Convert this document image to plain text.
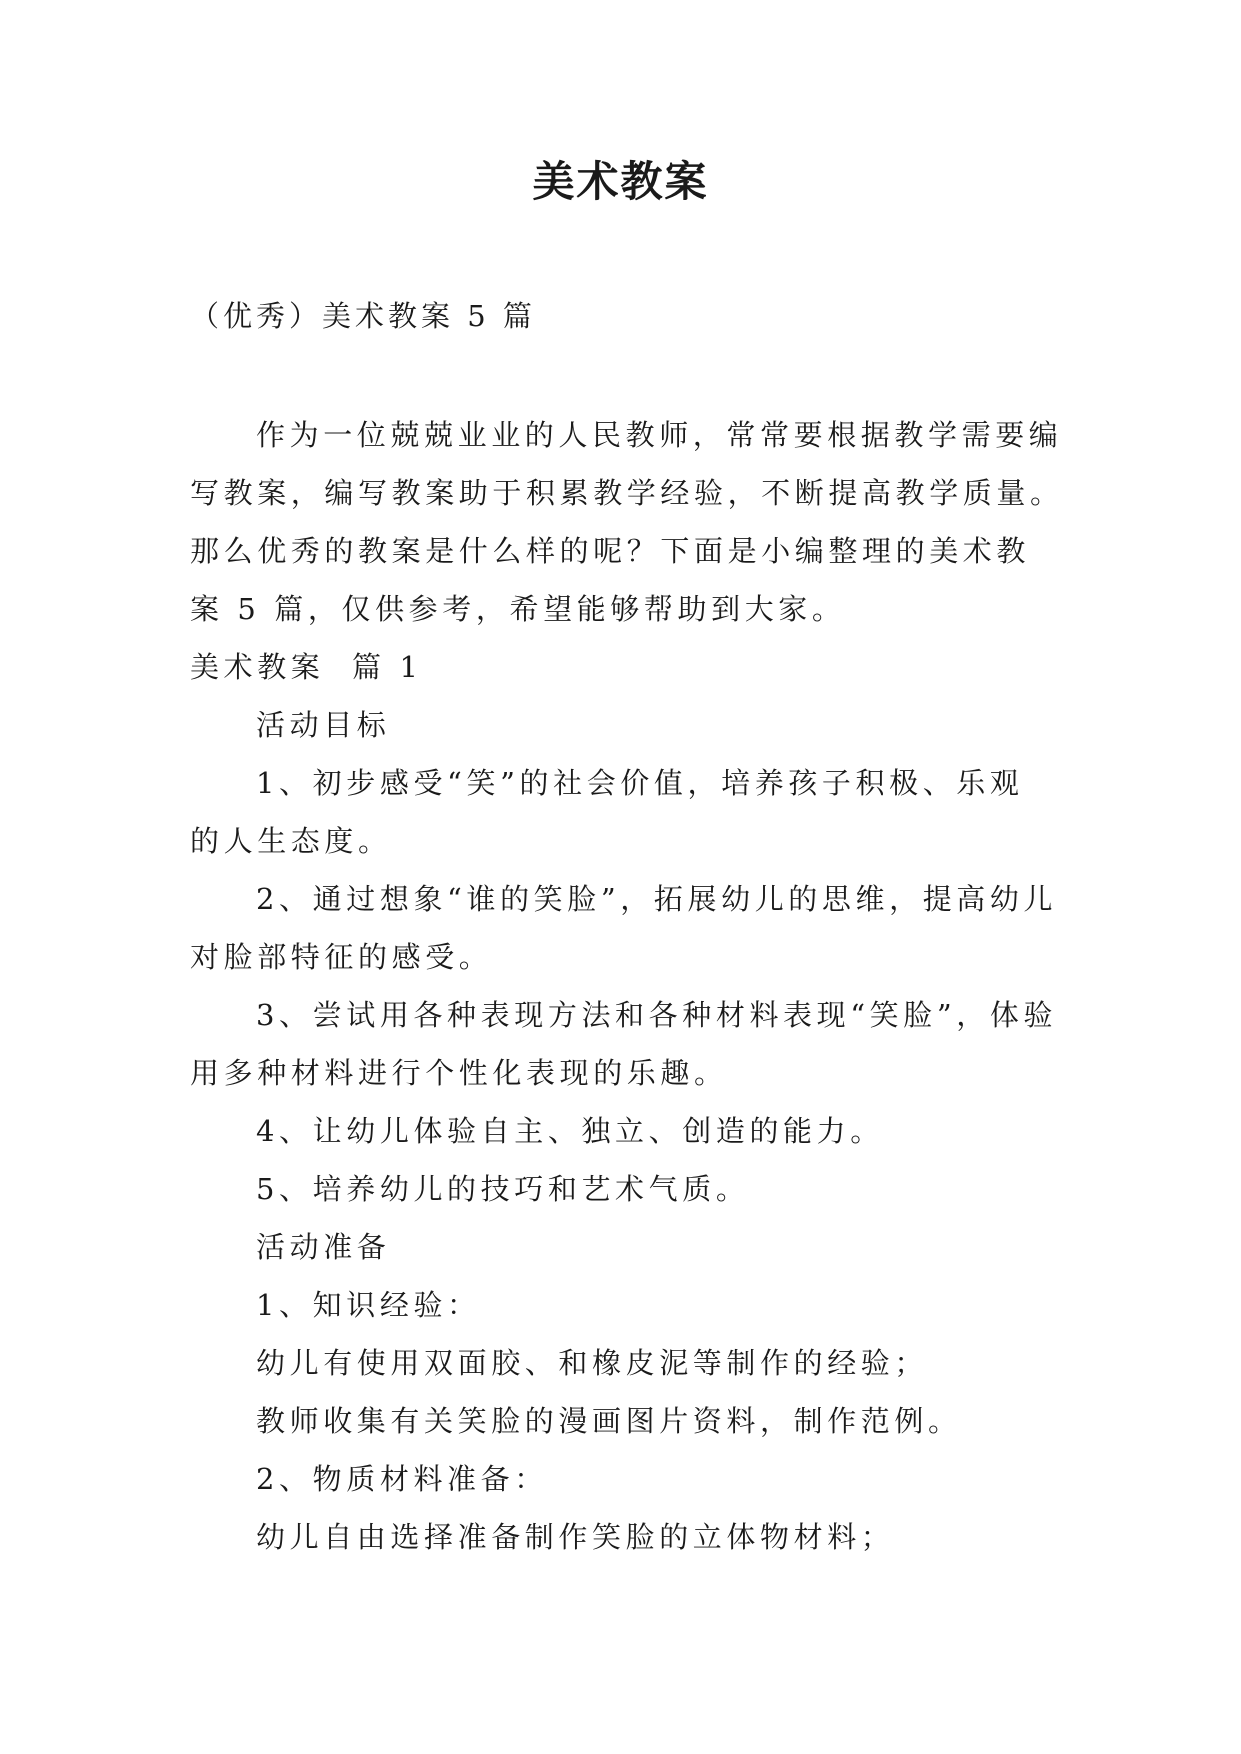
美术教案
（优秀）美术教案 5 篇

作为一位兢兢业业的人民教师，常常要根据教学需要编

写教案，编写教案助于积累教学经验，不断提高教学质量。

那么优秀的教案是什么样的呢？下面是小编整理的美术教

案 5 篇，仅供参考，希望能够帮助到大家。

美术教案  篇 1

活动目标

1、初步感受“笑”的社会价值，培养孩子积极、乐观

的人生态度。

2、通过想象“谁的笑脸”，拓展幼儿的思维，提高幼儿

对脸部特征的感受。

3、尝试用各种表现方法和各种材料表现“笑脸”，体验

用多种材料进行个性化表现的乐趣。

4、让幼儿体验自主、独立、创造的能力。

5、培养幼儿的技巧和艺术气质。

活动准备

1、知识经验：

幼儿有使用双面胶、和橡皮泥等制作的经验；

教师收集有关笑脸的漫画图片资料，制作范例。

2、物质材料准备：

幼儿自由选择准备制作笑脸的立体物材料；
